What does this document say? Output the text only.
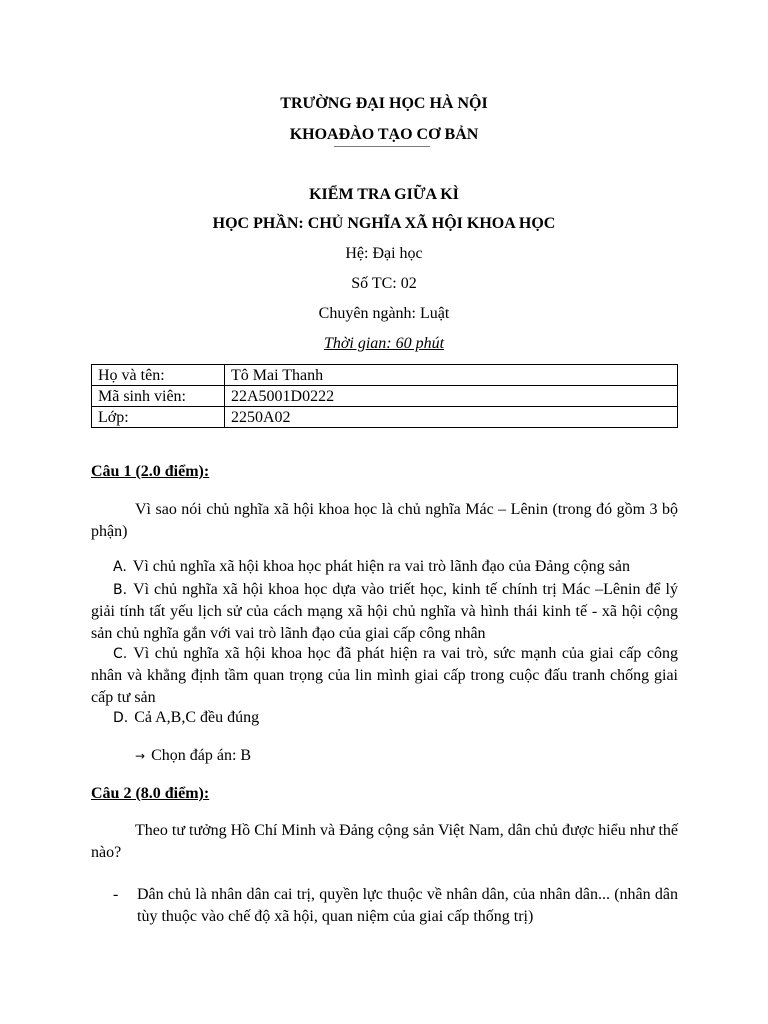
TRƯỜNG ĐẠI HỌC HÀ NỘI
KHOAĐÀO TẠO CƠ BẢN
KIỂM TRA GIỮA KÌ
HỌC PHẦN: CHỦ NGHĨA XÃ HỘI KHOA HỌC
Hệ: Đại học
Số TC: 02
Chuyên ngành: Luật
Thời gian: 60 phút
Họ và tên:	Tô Mai Thanh
Mã sinh viên:	22A5001D0222
Lớp:	2250A02
Câu 1 (2.0 điểm):
Vì sao nói chủ nghĩa xã hội khoa học là chủ nghĩa Mác – Lênin (trong đó gồm 3 bộ phận)
A. Vì chủ nghĩa xã hội khoa học phát hiện ra vai trò lãnh đạo của Đảng cộng sản
B. Vì chủ nghĩa xã hội khoa học dựa vào triết học, kinh tế chính trị Mác –Lênin để lý giải tính tất yếu lịch sử của cách mạng xã hội chủ nghĩa và hình thái kinh tế - xã hội cộng sản chủ nghĩa gắn với vai trò lãnh đạo của giai cấp công nhân
C. Vì chủ nghĩa xã hội khoa học đã phát hiện ra vai trò, sức mạnh của giai cấp công nhân và khẳng định tầm quan trọng của lin mình giai cấp trong cuộc đấu tranh chống giai cấp tư sản
D. Cả A,B,C đều đúng
→ Chọn đáp án: B
Câu 2 (8.0 điểm):
Theo tư tưởng Hồ Chí Minh và Đảng cộng sản Việt Nam, dân chủ được hiểu như thế nào?
- Dân chủ là nhân dân cai trị, quyền lực thuộc về nhân dân, của nhân dân... (nhân dân tùy thuộc vào chế độ xã hội, quan niệm của giai cấp thống trị)
